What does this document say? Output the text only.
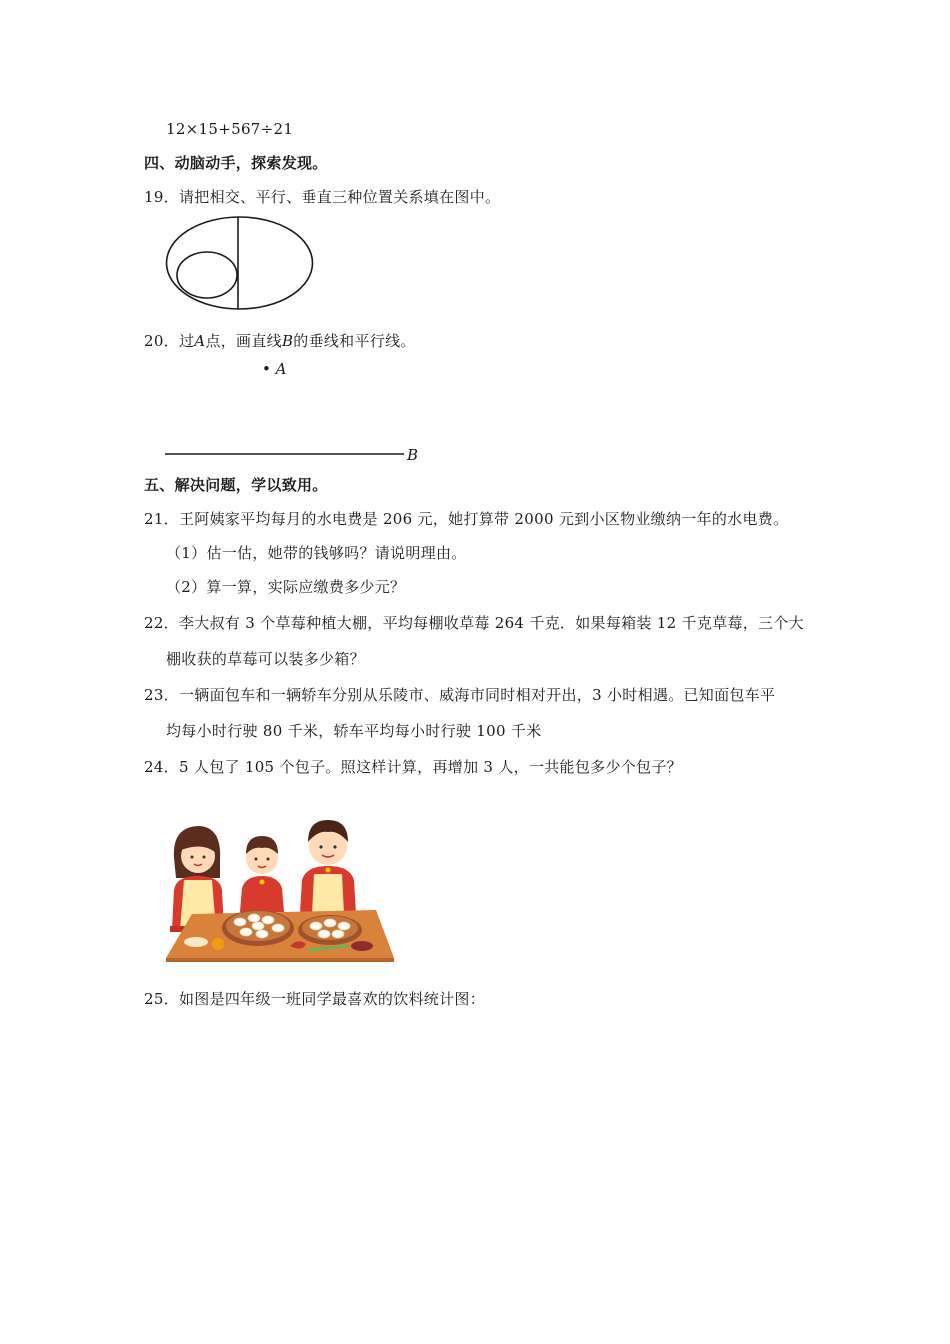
12×15+567÷21
四、动脑动手，探索发现。
19．请把相交、平行、垂直三种位置关系填在图中。
20．过A点，画直线B的垂线和平行线。
• A
B
五、解决问题，学以致用。
21．王阿姨家平均每月的水电费是 206 元，她打算带 2000 元到小区物业缴纳一年的水电费。
（1）估一估，她带的钱够吗？请说明理由。
（2）算一算，实际应缴费多少元？
22．李大叔有 3 个草莓种植大棚，平均每棚收草莓 264 千克．如果每箱装 12 千克草莓，三个大
棚收获的草莓可以装多少箱？
23．一辆面包车和一辆轿车分别从乐陵市、威海市同时相对开出，3 小时相遇。已知面包车平
均每小时行驶 80 千米，轿车平均每小时行驶 100 千米
24．5 人包了 105 个包子。照这样计算，再增加 3 人，一共能包多少个包子？
25．如图是四年级一班同学最喜欢的饮料统计图：
